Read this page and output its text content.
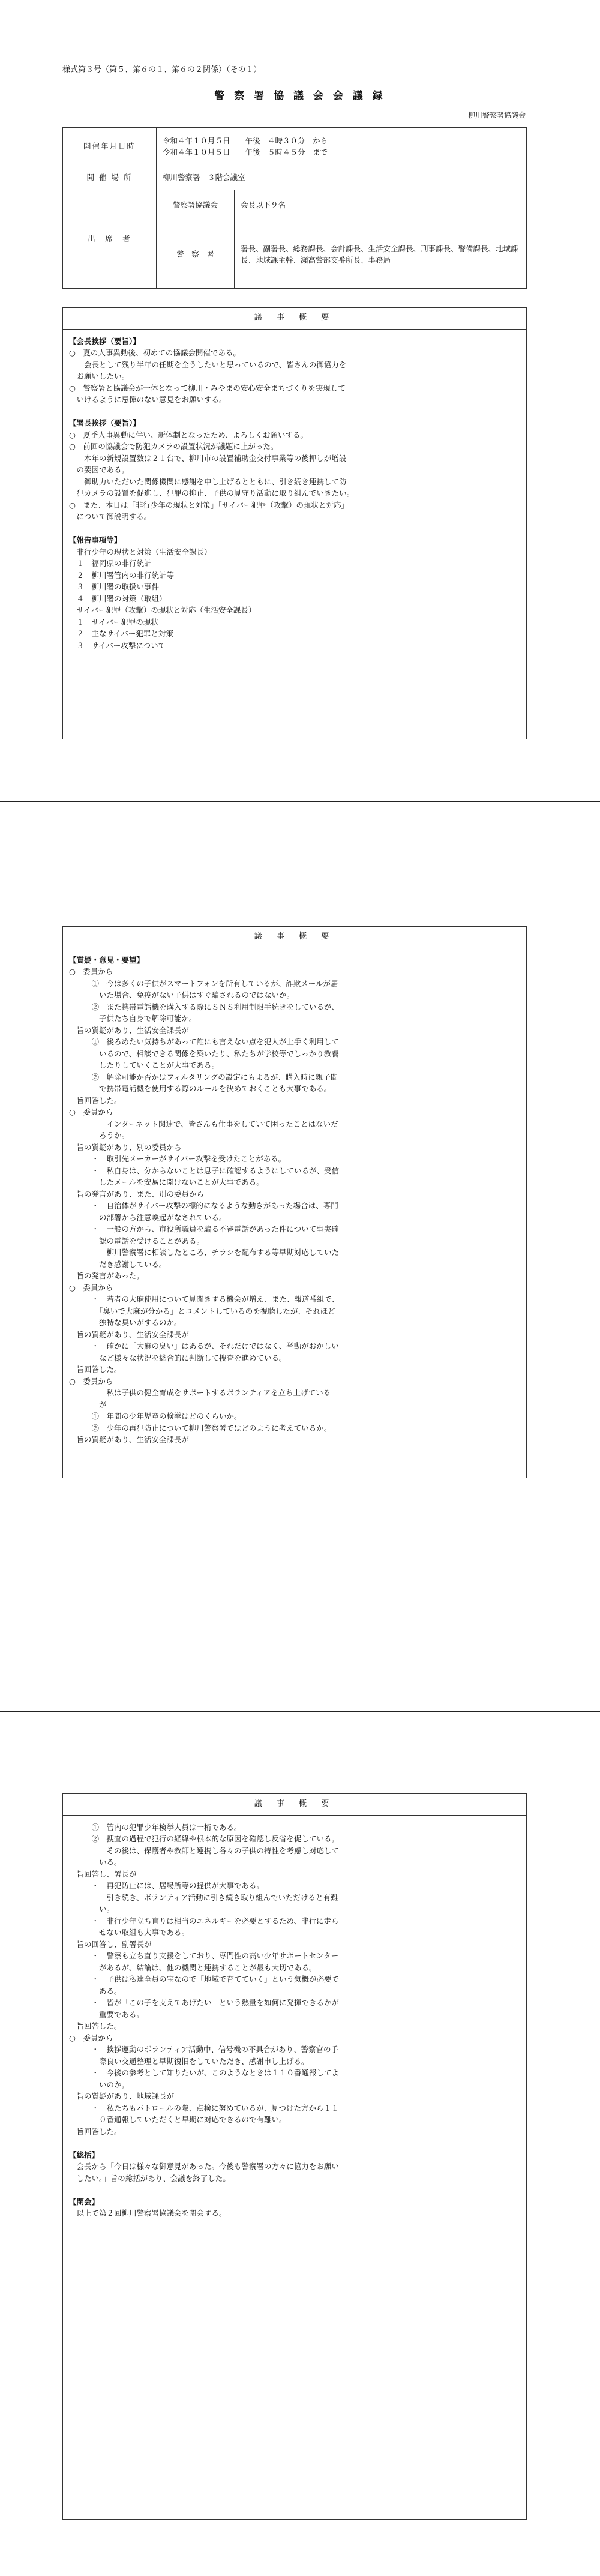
様式第３号（第５、第６の１、第６の２関係）（その１）
警 察 署 協 議 会 会 議 録
柳川警察署協議会
開催年月日時	令和４年１０月５日　　午後　４時３０分　から
令和４年１０月５日　　午後　５時４５分　まで	

開 催 場 所	柳川警察署　３階会議室	
出　席　者	警察署協議会	会長以下９名
	警　察　署	署長、副署長、総務課長、会計課長、生活安全課長、刑事課長、警備課長、地域課長、地域課主幹、瀬高警部交番所長、事務局
議 事 概 要
【会長挨拶（要旨）】
○　夏の人事異動後、初めての協議会開催である。
　　会長として残り半年の任期を全うしたいと思っているので、皆さんの御協力を
　お願いしたい。
○　警察署と協議会が一体となって柳川・みやまの安心安全まちづくりを実現して
　いけるように忌憚のない意見をお願いする。
【署長挨拶（要旨）】
○　夏季人事異動に伴い、新体制となったため、よろしくお願いする。
○　前回の協議会で防犯カメラの設置状況が議題に上がった。
　　本年の新規設置数は２１台で、柳川市の設置補助金交付事業等の後押しが増設
　の要因である。
　　御助力いただいた関係機関に感謝を申し上げるとともに、引き続き連携して防
　犯カメラの設置を促進し、犯罪の抑止、子供の見守り活動に取り組んでいきたい。
○　また、本日は「非行少年の現状と対策」「サイバー犯罪（攻撃）の現状と対応」
　について御説明する。
【報告事項等】
　非行少年の現状と対策（生活安全課長）
　１　福岡県の非行統計
　２　柳川署管内の非行統計等
　３　柳川署の取扱い事件
　４　柳川署の対策（取組）
　サイバー犯罪（攻撃）の現状と対応（生活安全課長）
　１　サイバー犯罪の現状
　２　主なサイバー犯罪と対策
　３　サイバー攻撃について
議 事 概 要
【質疑・意見・要望】
○　委員から
　　　①　今は多くの子供がスマートフォンを所有しているが、詐欺メールが届
　　　　いた場合、免疫がない子供はすぐ騙されるのではないか。
　　　②　また携帯電話機を購入する際にＳＮＳ利用制限手続きをしているが、
　　　　子供たち自身で解除可能か。
　旨の質疑があり、生活安全課長が
　　　①　後ろめたい気持ちがあって誰にも言えない点を犯人が上手く利用して
　　　　いるので、相談できる関係を築いたり、私たちが学校等でしっかり教養
　　　　したりしていくことが大事である。
　　　②　解除可能か否かはフィルタリングの設定にもよるが、購入時に親子間
　　　　で携帯電話機を使用する際のルールを決めておくことも大事である。
　旨回答した。
○　委員から
　　　　　インターネット関連で、皆さんも仕事をしていて困ったことはないだ
　　　　ろうか。
　旨の質疑があり、別の委員から
　　　・　取引先メーカーがサイバー攻撃を受けたことがある。
　　　・　私自身は、分からないことは息子に確認するようにしているが、受信
　　　　したメールを安易に開けないことが大事である。
　旨の発言があり、また、別の委員から
　　　・　自治体がサイバー攻撃の標的になるような動きがあった場合は、専門
　　　　の部署から注意喚起がなされている。
　　　・　一般の方から、市役所職員を騙る不審電話があった件について事実確
　　　　認の電話を受けることがある。
　　　　　柳川警察署に相談したところ、チラシを配布する等早期対応していた
　　　　だき感謝している。
　旨の発言があった。
○　委員から
　　　・　若者の大麻使用について見聞きする機会が増え、また、報道番組で、
　　　　「臭いで大麻が分かる」とコメントしているのを視聴したが、それほど
　　　　独特な臭いがするのか。
　旨の質疑があり、生活安全課長が
　　　・　確かに「大麻の臭い」はあるが、それだけではなく、挙動がおかしい
　　　　など様々な状況を総合的に判断して捜査を進めている。
　旨回答した。
○　委員から
　　　　　私は子供の健全育成をサポートするボランティアを立ち上げている
　　　　が
　　　①　年間の少年児童の検挙はどのくらいか。
　　　②　少年の再犯防止について柳川警察署ではどのように考えているか。
　旨の質疑があり、生活安全課長が
議 事 概 要
　　　①　管内の犯罪少年検挙人員は一桁である。
　　　②　捜査の過程で犯行の経緯や根本的な原因を確認し反省を促している。
　　　　　その後は、保護者や教師と連携し各々の子供の特性を考慮し対応して
　　　　いる。
　旨回答し、署長が
　　　・　再犯防止には、居場所等の提供が大事である。
　　　　　引き続き、ボランティア活動に引き続き取り組んでいただけると有難
　　　　い。
　　　・　非行少年立ち直りは相当のエネルギーを必要とするため、非行に走ら
　　　　せない取組も大事である。
　旨の回答し、副署長が
　　　・　警察も立ち直り支援をしており、専門性の高い少年サポートセンター
　　　　があるが、結論は、他の機関と連携することが最も大切である。
　　　・　子供は私達全員の宝なので「地域で育てていく」という気概が必要で
　　　　ある。
　　　・　皆が「この子を支えてあげたい」という熱量を如何に発揮できるかが
　　　　重要である。
　旨回答した。
○　委員から
　　　・　挨拶運動のボランティア活動中、信号機の不具合があり、警察官の手
　　　　際良い交通整理と早期復旧をしていただき、感謝申し上げる。
　　　・　今後の参考として知りたいが、このようなときは１１０番通報してよ
　　　　いのか。
　旨の質疑があり、地域課長が
　　　・　私たちもパトロールの際、点検に努めているが、見つけた方から１１
　　　　０番通報していただくと早期に対応できるので有難い。
　旨回答した。
【総括】
　会長から「今日は様々な御意見があった。今後も警察署の方々に協力をお願い
　したい。」旨の総括があり、会議を終了した。
【閉会】
　以上で第２回柳川警察署協議会を閉会する。
